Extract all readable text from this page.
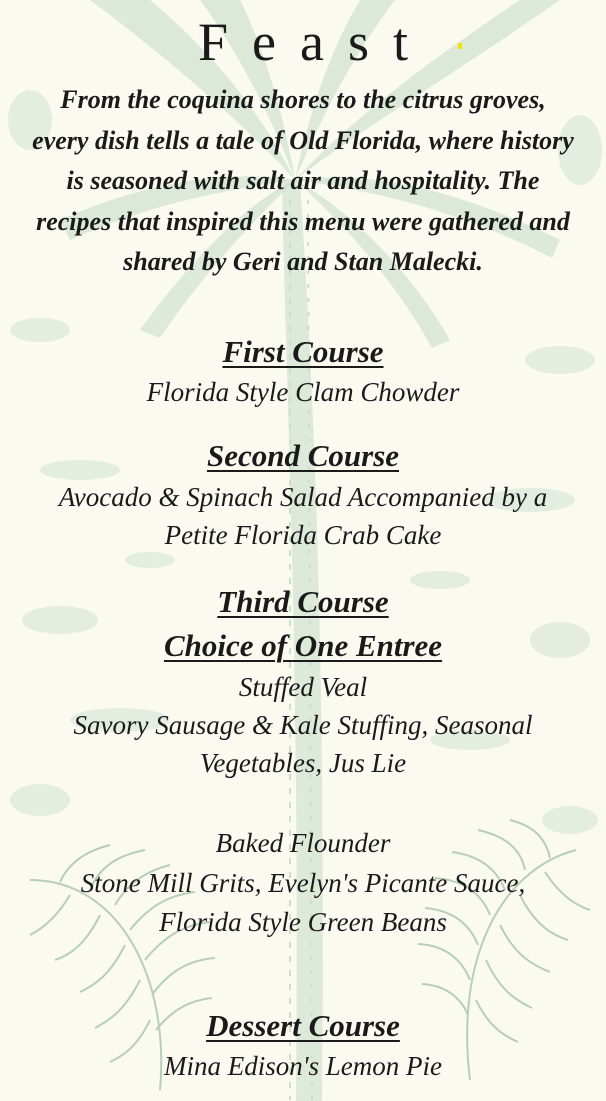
Feast

From the coquina shores to the citrus groves, every dish tells a tale of Old Florida, where history is seasoned with salt air and hospitality. The recipes that inspired this menu were gathered and shared by Geri and Stan Malecki.

First Course

Florida Style Clam Chowder

Second Course

Avocado & Spinach Salad Accompanied by a

Petite Florida Crab Cake

Third Course
Choice of One Entree

Stuffed Veal

Savory Sausage & Kale Stuffing, Seasonal

Vegetables, Jus Lie

Baked Flounder

Stone Mill Grits, Evelyn's Picante Sauce,

Florida Style Green Beans

Dessert Course

Mina Edison's Lemon Pie
